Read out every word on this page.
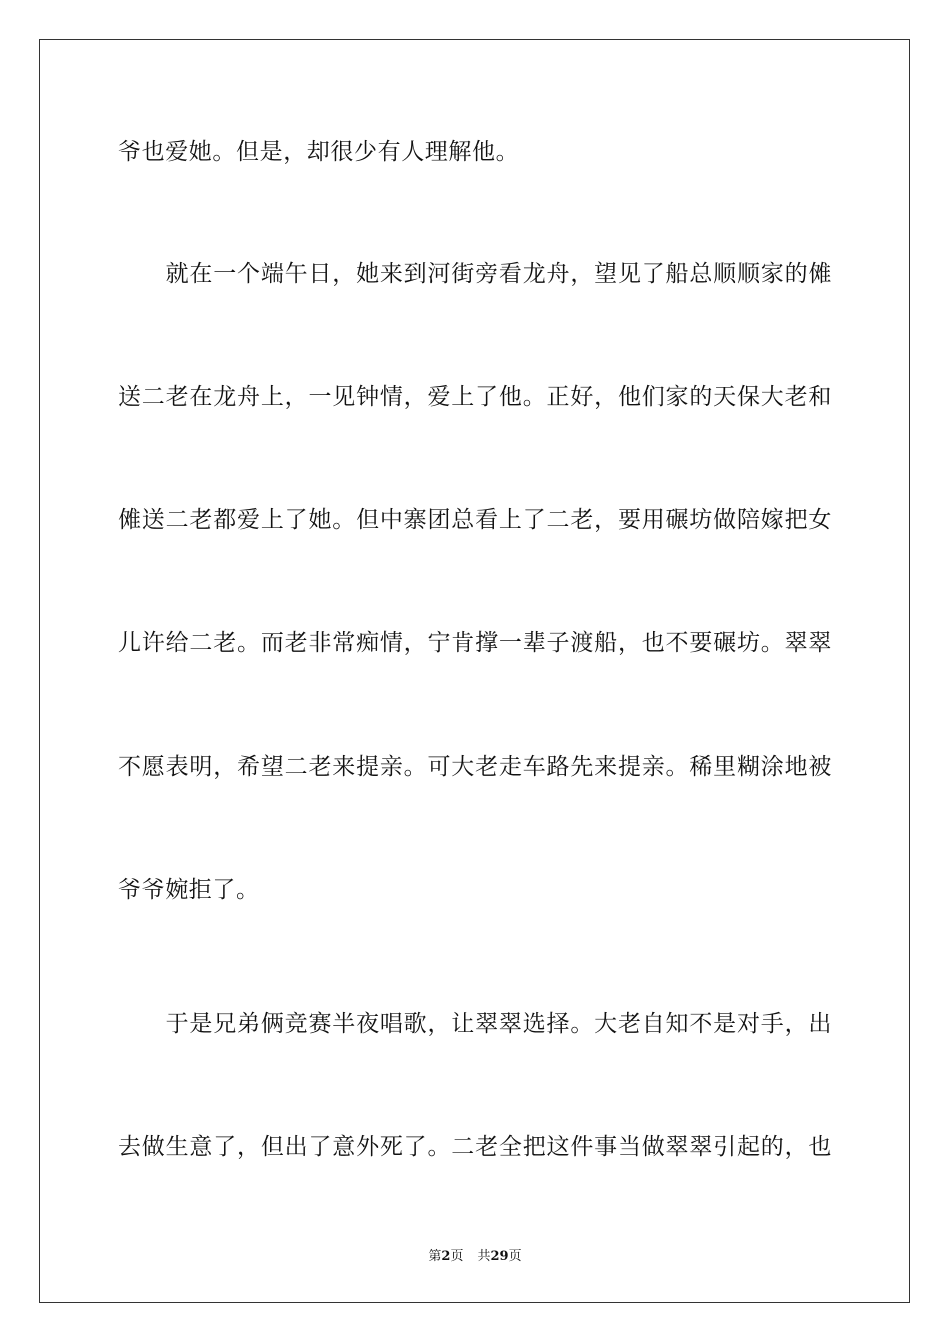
爷也爱她。但是，却很少有人理解他。
　　就在一个端午日，她来到河街旁看龙舟，望见了船总顺顺家的傩
送二老在龙舟上，一见钟情，爱上了他。正好，他们家的天保大老和
傩送二老都爱上了她。但中寨团总看上了二老，要用碾坊做陪嫁把女
儿许给二老。而老非常痴情，宁肯撑一辈子渡船，也不要碾坊。翠翠
不愿表明，希望二老来提亲。可大老走车路先来提亲。稀里糊涂地被
爷爷婉拒了。
　　于是兄弟俩竞赛半夜唱歌，让翠翠选择。大老自知不是对手，出
去做生意了，但出了意外死了。二老全把这件事当做翠翠引起的，也
第2页 共29页
